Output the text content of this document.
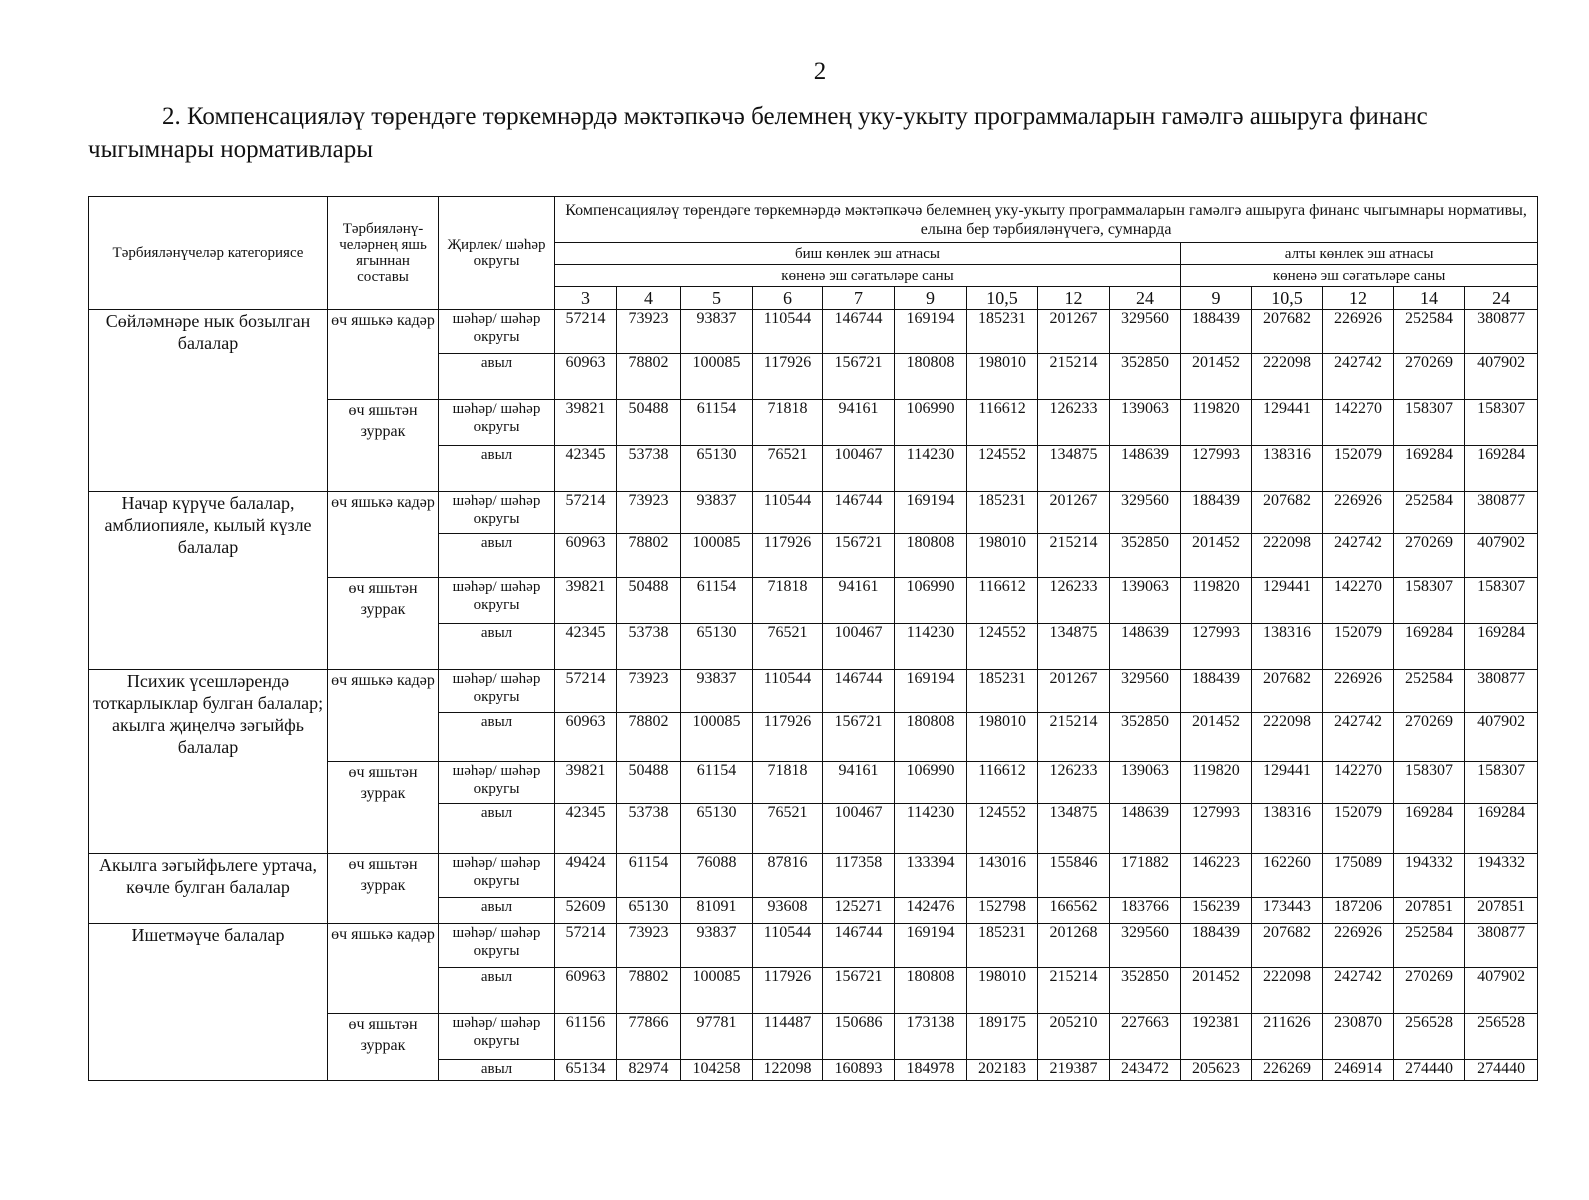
2
2. Компенсациялəү төрендəге төркемнəрдə мəктəпкəчə белемнең уку-укыту программаларын гамəлгə ашыруга финанс чыгымнары нормативлары
Тəрбияләнүчеләр категориясе	Тəрбияләнү-челәрнең яшь ягыннан составы	Җирлек/ шəһəр округы	Компенсациялəү төрендəге төркемнəрдə мəктəпкəчə белемнең уку-укыту программаларын гамəлгə ашыруга финанс чыгымнары нормативы, елына бер тəрбияләнүчегə, сумнарда													
			биш көнлек эш атнасы									алты көнлек эш атнасы				
			көненə эш сəгатьләре саны									көненə эш сəгатьләре саны				
			3	4	5	6	7	9	10,5	12	24	9	10,5	12	14	24
Сөйлəмнəре нык бозылган балалар	өч яшькə кадəр	шəһəр/ шəһəр округы	57214	73923	93837	110544	146744	169194	185231	201267	329560	188439	207682	226926	252584	380877
		авыл	60963	78802	100085	117926	156721	180808	198010	215214	352850	201452	222098	242742	270269	407902
	өч яшьтəн зуррак	шəһəр/ шəһəр округы	39821	50488	61154	71818	94161	106990	116612	126233	139063	119820	129441	142270	158307	158307
		авыл	42345	53738	65130	76521	100467	114230	124552	134875	148639	127993	138316	152079	169284	169284
Начар күрүче балалар, амблиопияле, кылый күзле балалар	өч яшькə кадəр	шəһəр/ шəһəр округы	57214	73923	93837	110544	146744	169194	185231	201267	329560	188439	207682	226926	252584	380877
		авыл	60963	78802	100085	117926	156721	180808	198010	215214	352850	201452	222098	242742	270269	407902
	өч яшьтəн зуррак	шəһəр/ шəһəр округы	39821	50488	61154	71818	94161	106990	116612	126233	139063	119820	129441	142270	158307	158307
		авыл	42345	53738	65130	76521	100467	114230	124552	134875	148639	127993	138316	152079	169284	169284
Психик үсешлəрендə тоткарлыклар булган балалар; акылга җиңелчə зəгыйфь балалар	өч яшькə кадəр	шəһəр/ шəһəр округы	57214	73923	93837	110544	146744	169194	185231	201267	329560	188439	207682	226926	252584	380877
		авыл	60963	78802	100085	117926	156721	180808	198010	215214	352850	201452	222098	242742	270269	407902
	өч яшьтəн зуррак	шəһəр/ шəһəр округы	39821	50488	61154	71818	94161	106990	116612	126233	139063	119820	129441	142270	158307	158307
		авыл	42345	53738	65130	76521	100467	114230	124552	134875	148639	127993	138316	152079	169284	169284
Акылга зəгыйфьлеге уртача, көчле булган балалар	өч яшьтəн зуррак	шəһəр/ шəһəр округы	49424	61154	76088	87816	117358	133394	143016	155846	171882	146223	162260	175089	194332	194332
		авыл	52609	65130	81091	93608	125271	142476	152798	166562	183766	156239	173443	187206	207851	207851
Ишетмəүче балалар	өч яшькə кадəр	шəһəр/ шəһəр округы	57214	73923	93837	110544	146744	169194	185231	201268	329560	188439	207682	226926	252584	380877
		авыл	60963	78802	100085	117926	156721	180808	198010	215214	352850	201452	222098	242742	270269	407902
	өч яшьтəн зуррак	шəһəр/ шəһəр округы	61156	77866	97781	114487	150686	173138	189175	205210	227663	192381	211626	230870	256528	256528
		авыл	65134	82974	104258	122098	160893	184978	202183	219387	243472	205623	226269	246914	274440	274440
